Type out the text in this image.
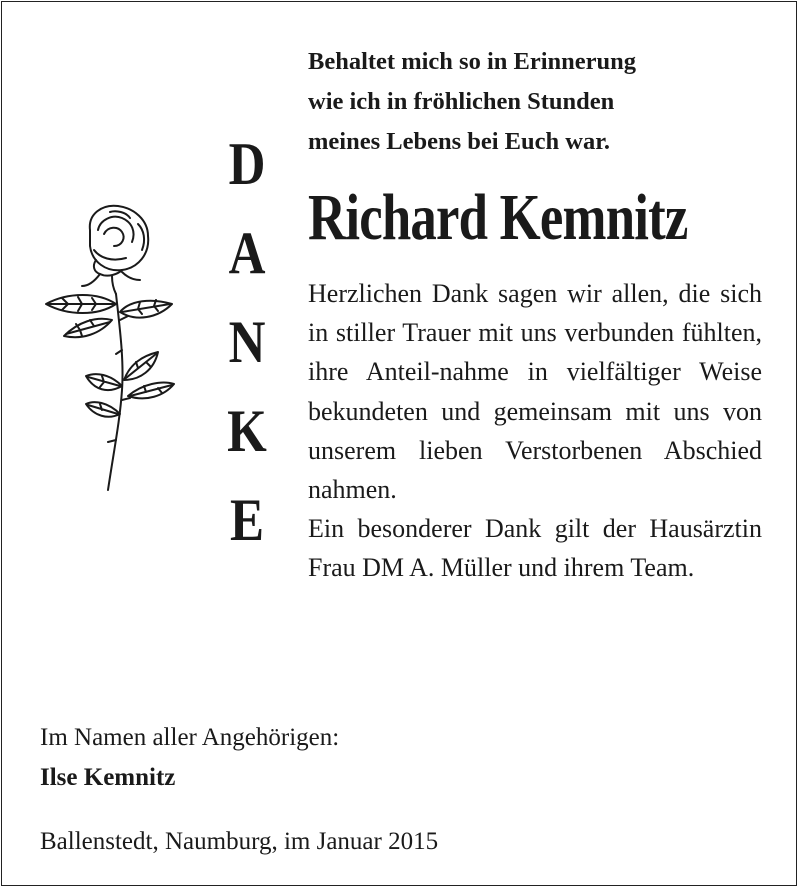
D
A
N
K
E
Behaltet mich so in Erinnerung
wie ich in fröhlichen Stunden
meines Lebens bei Euch war.
Richard Kemnitz

Herzlichen Dank sagen wir allen, die sich in stiller Trauer mit uns verbunden fühlten, ihre Anteil-nahme in vielfältiger Weise bekundeten und gemeinsam mit uns von unserem lieben Verstorbenen Abschied nahmen.

Ein besonderer Dank gilt der Hausärztin Frau DM A. Müller und ihrem Team.

Im Namen aller Angehörigen:
Ilse Kemnitz
Ballenstedt, Naumburg, im Januar 2015
